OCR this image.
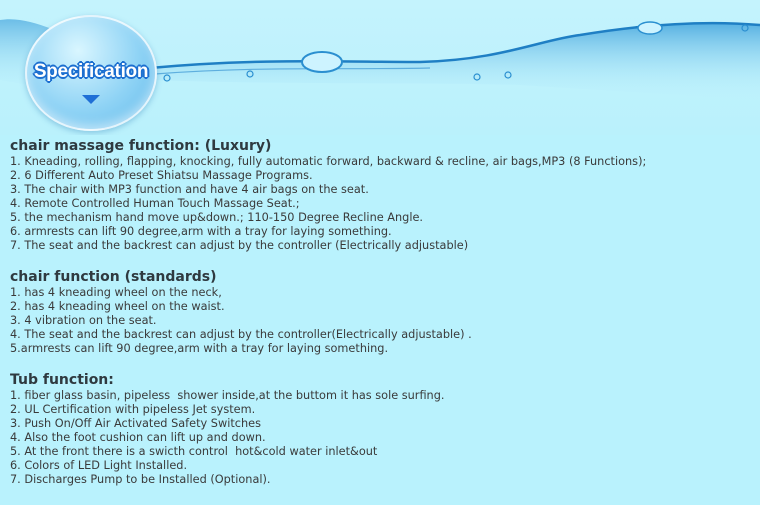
Specification
chair massage function: (Luxury)
1. Kneading, rolling, flapping, knocking, fully automatic forward, backward & recline, air bags,MP3 (8 Functions);
2. 6 Different Auto Preset Shiatsu Massage Programs.
3. The chair with MP3 function and have 4 air bags on the seat.
4. Remote Controlled Human Touch Massage Seat.;
5. the mechanism hand move up&down.; 110-150 Degree Recline Angle.
6. armrests can lift 90 degree,arm with a tray for laying something.
7. The seat and the backrest can adjust by the controller (Electrically adjustable)
chair function (standards)
1. has 4 kneading wheel on the neck,
2. has 4 kneading wheel on the waist.
3. 4 vibration on the seat.
4. The seat and the backrest can adjust by the controller(Electrically adjustable) .
5.armrests can lift 90 degree,arm with a tray for laying something.
Tub function:
1. fiber glass basin, pipeless  shower inside,at the buttom it has sole surfing.
2. UL Certification with pipeless Jet system.
3. Push On/Off Air Activated Safety Switches
4. Also the foot cushion can lift up and down.
5. At the front there is a swicth control  hot&cold water inlet&out
6. Colors of LED Light Installed.
7. Discharges Pump to be Installed (Optional).
